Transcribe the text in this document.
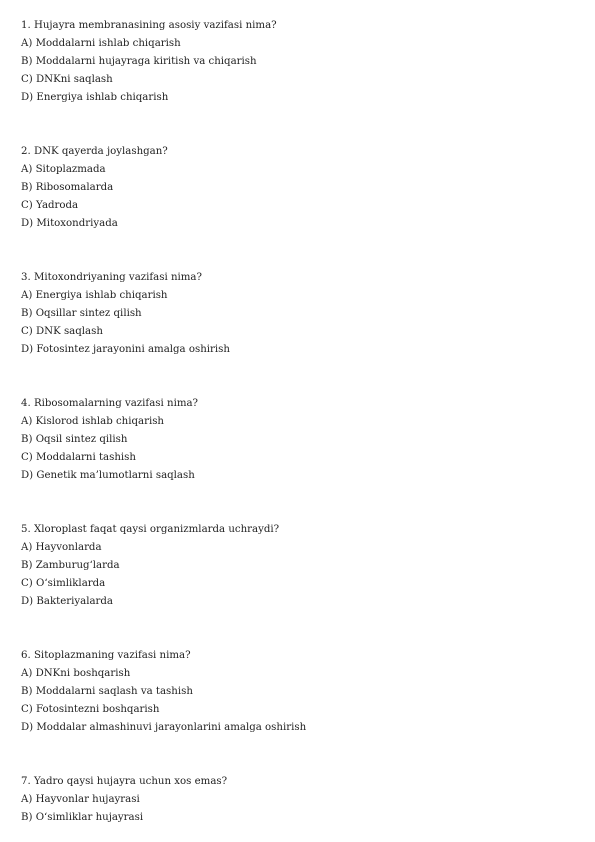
1. Hujayra membranasining asosiy vazifasi nima?
A) Moddalarni ishlab chiqarish
B) Moddalarni hujayraga kiritish va chiqarish
C) DNKni saqlash
D) Energiya ishlab chiqarish
2. DNK qayerda joylashgan?
A) Sitoplazmada
B) Ribosomalarda
C) Yadroda
D) Mitoxondriyada
3. Mitoxondriyaning vazifasi nima?
A) Energiya ishlab chiqarish
B) Oqsillar sintez qilish
C) DNK saqlash
D) Fotosintez jarayonini amalga oshirish
4. Ribosomalarning vazifasi nima?
A) Kislorod ishlab chiqarish
B) Oqsil sintez qilish
C) Moddalarni tashish
D) Genetik ma’lumotlarni saqlash
5. Xloroplast faqat qaysi organizmlarda uchraydi?
A) Hayvonlarda
B) Zamburug‘larda
C) O‘simliklarda
D) Bakteriyalarda
6. Sitoplazmaning vazifasi nima?
A) DNKni boshqarish
B) Moddalarni saqlash va tashish
C) Fotosintezni boshqarish
D) Moddalar almashinuvi jarayonlarini amalga oshirish
7. Yadro qaysi hujayra uchun xos emas?
A) Hayvonlar hujayrasi
B) O‘simliklar hujayrasi
